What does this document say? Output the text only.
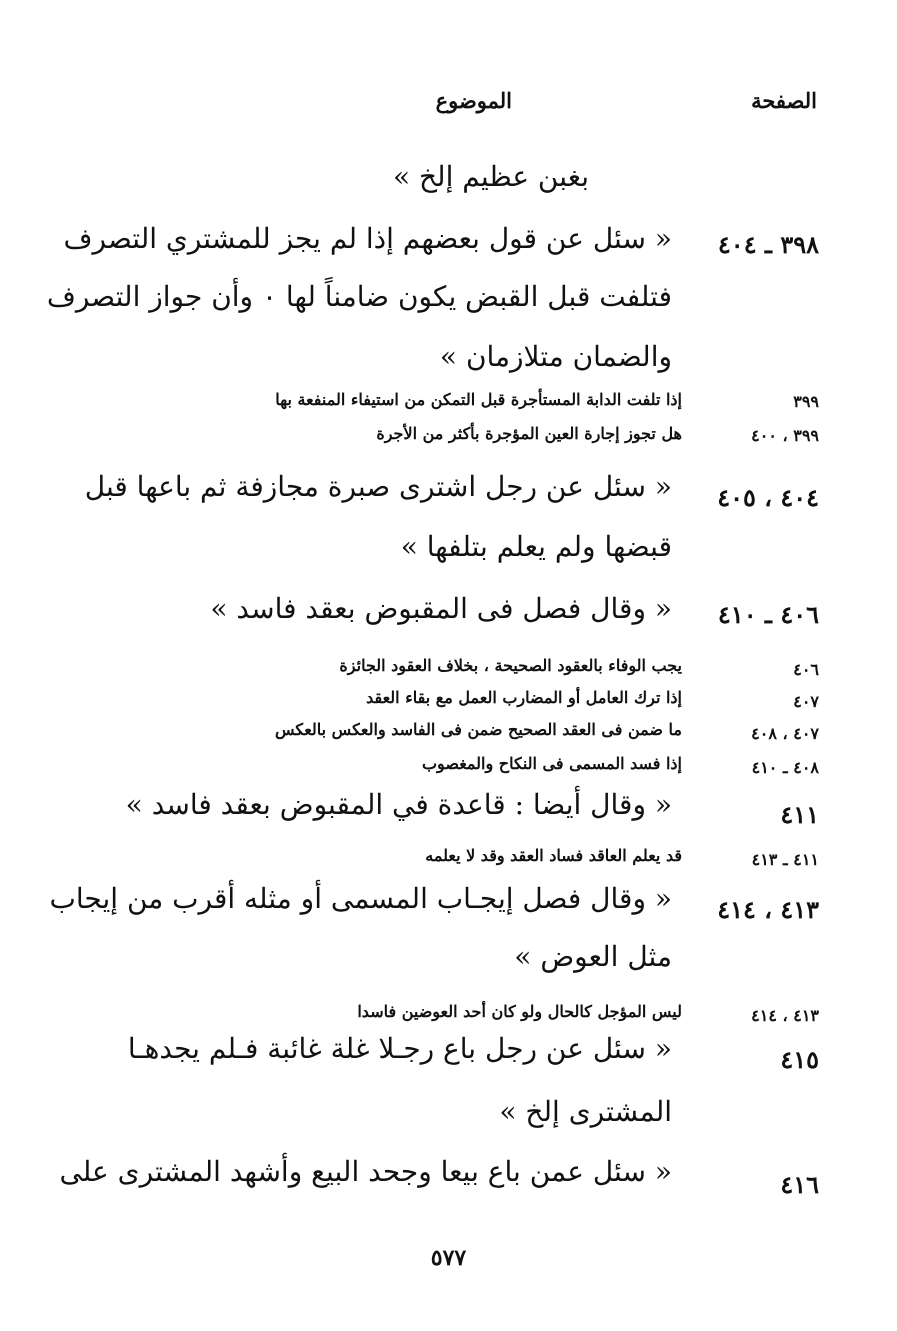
الصفحة
الموضوع
بغبن عظيم إلخ »
٣٩٨ ـ ٤٠٤
« سئل عن قول بعضهم إذا لم يجز للمشتري التصرف
فتلفت قبل القبض يكون ضامناً لها ٠ وأن جواز التصرف
والضمان متلازمان »
٣٩٩
إذا تلفت الدابة المستأجرة قبل التمكن من استيفاء المنفعة بها
٣٩٩ ، ٤٠٠
هل تجوز إجارة العين المؤجرة بأكثر من الأجرة
٤٠٤ ، ٤٠٥
« سئل عن رجل اشترى صبرة مجازفة ثم باعها قبل
قبضها ولم يعلم بتلفها »
٤٠٦ ـ ٤١٠
« وقال فصل فى المقبوض بعقد فاسد »
٤٠٦
يجب الوفاء بالعقود الصحيحة ، بخلاف العقود الجائزة
٤٠٧
إذا ترك العامل أو المضارب العمل مع بقاء العقد
٤٠٧ ، ٤٠٨
ما ضمن فى العقد الصحيح ضمن فى الفاسد والعكس بالعكس
٤٠٨ ـ ٤١٠
إذا فسد المسمى فى النكاح والمغصوب
٤١١
« وقال أيضا : قاعدة في المقبوض بعقد فاسد »
٤١١ ـ ٤١٣
قد يعلم العاقد فساد العقد وقد لا يعلمه
٤١٣ ، ٤١٤
« وقال فصل إيجـاب المسمى أو مثله أقرب من إيجاب
مثل العوض »
٤١٣ ، ٤١٤
ليس المؤجل كالحال ولو كان أحد العوضين فاسدا
٤١٥
« سئل عن رجل باع رجـلا غلة غائبة فـلم يجدهـا
المشترى إلخ »
٤١٦
« سئل عمن باع بيعا وجحد البيع وأشهد المشترى على
٥٧٧
